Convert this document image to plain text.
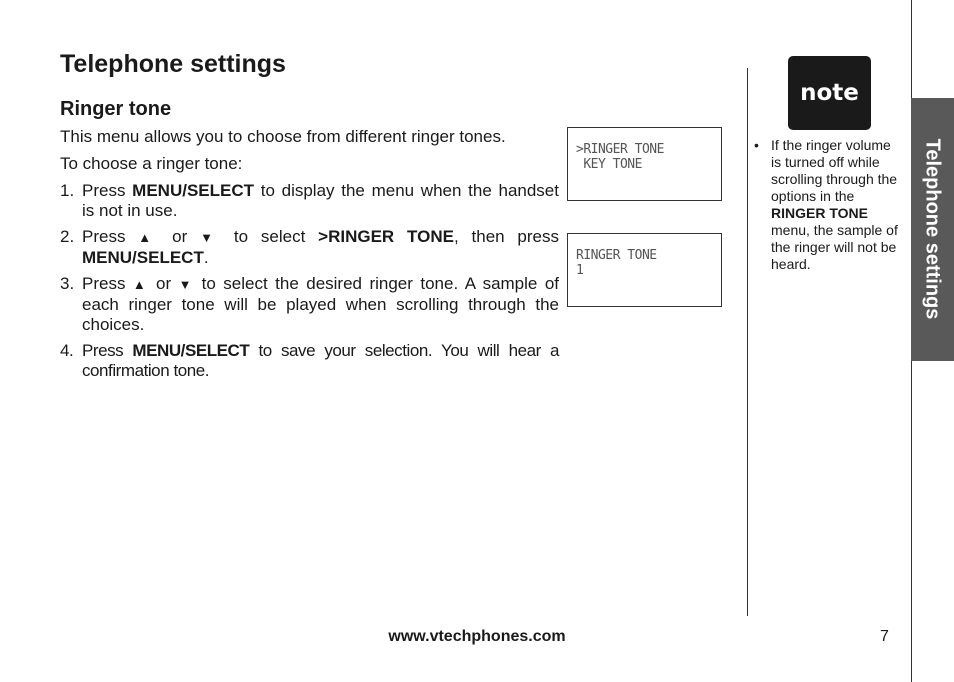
Telephone settings
Ringer tone

This menu allows you to choose from different ringer tones.

To choose a ringer tone:

1. Press MENU/SELECT to display the menu when the handset is not in use.
2. Press ▲ or ▼ to select >RINGER TONE, then press MENU/SELECT.
3. Press ▲ or ▼ to select the desired ringer tone. A sample of each ringer tone will be played when scrolling through the choices.
4. Press MENU/SELECT to save your selection. You will hear a confirmation tone.
>RINGER TONE
KEY TONE
RINGER TONE
1
note
• If the ringer volume is turned off while scrolling through the options in the RINGER TONE menu, the sample of the ringer will not be heard.	Telephone settings
www.vtechphones.com	7
